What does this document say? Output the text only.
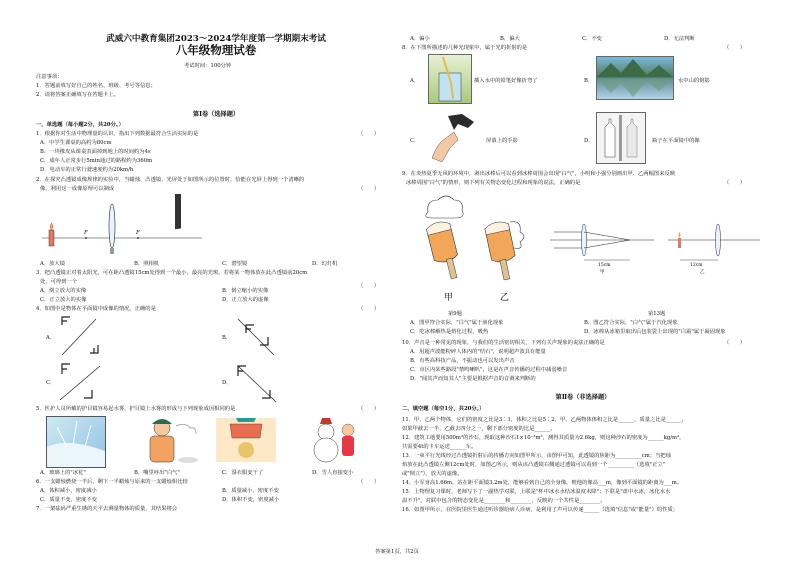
武威六中教育集团2023～2024学年度第一学期期末考试
八年级物理试卷
考试时间：100分钟
注意事项：
1．答题前填写好自己的姓名、班级、考号等信息；
2．请将答案正确填写在答题卡上。
第Ⅰ卷（选择题）
一、单选题（每小题2分，共20分。）
1．根据你对生活中物理量的认识，指出下列数据最符合生活实际的是	（　　）
A．中学生课桌的高约为80cm
B．一块橡皮从课桌表面掉到地上的时间约为4s
C．成年人正常步行5min通过的路程约为360m
D．电动车的正常行驶速度约为20km/h
2．在探究凸透镜成像规律的实验中，当蜡烛、凸透镜、光屏处于如图所示的位置时，恰能在光屏上得到一个清晰的
像，利用这一成像原理可以制成	（　　）
F	F
A．放大镜	B．照相机	C．潜望镜	D．幻灯机
3．把凸透镜正对着太阳光，可在距凸透镜15cm处得到一个最小、最亮的光斑。若将某一物体放在此凸透镜前20cm
处，可得到一个
（　　）
A．倒立放大的实像	B．倒立缩小的实像
C．正立放大的实像	D．正立放大的虚像
4．如图中是物体在平面镜中成像的情况，正确的是	（　　）
A．	B．
C．	D．
5．医护人员所戴的护目镜容易起水雾，护目镜上水雾的形成与下列现象成因相同的是	（　　）
A．玻璃上的"冰花"	B．嘴里呼出"白气"	C．湿衣服变干了	D．雪人直接变小
6．一支蜡烛燃烧一半后，剩下一半蜡烛与原来的一支蜡烛相比较	（　　）
A．体积减小，密度减小	B．质量减小，密度不变
C．质量不变，密度不变	D．体积不变，密度减小
7．一架砝码严重生锈的天平去测量物体的质量，其结果将会
A．偏小	B．偏大	C．不变	D．无法判断
8．在下图所描述的几种光现象中，属于光的折射的是	（　　）
A．	插入水中的铅笔好像折弯了	B．	水中山的倒影
C．	屏幕上的手影	D．	瓶子在平面镜中的像
9．在炎热夏季无风的环境中，剥出冰棒后可以看到冰棒周围会出现"白气"，小明和小强分别画出甲、乙两幅图来反映
冰棒周围"白气"的情形，则下列有关物态变化过程和现象的说法，正确的是	（　　）
甲	乙
第9题
15cm	12cm
甲	乙
第13题
A．图甲符合实际，"白气"属于液化现象	B．图乙符合实际，"白气"属于汽化现象
C．吃冰棒解热是熔化过程，吸热	D．冰棒从冰箱里取出后包装袋上出现的"白霜"属于凝固现象
10．声音是一种常见的现象，与我们的生活密切相关，下列有关声现象的说法正确的是	（　　）
A．用超声波能粉碎人体内的"结石"，说明超声波具有能量
B．有些高科技产品，不振动也可以发出声音
C．市区内某些路段"禁鸣喇叭"，这是在声音传播的过程中减弱噪音
D．"闻其声而知其人"主要是根据声音的音调来判断的
第Ⅱ卷（非选择题）
二、填空题（每空1分，共20分。）
11．甲、乙两个物体，它们的密度之比是3∶1，体积之比是5∶2，甲、乙两物体体积之比是______，质量之比是______，
如果甲截去一半，乙截去四分之一，剩下部分密度的比是______。
12．建筑工地要用500m³的沙石，现取这种沙石1×10⁻³m³，测得其质量为2.6kg，则这种沙石的密度为______kg/m³，
共需要4t的卡车运送______车。
13．一束平行光线经过凸透镜折射后的传播方向如图甲所示，由图甲可知，此透镜的焦距为__________cm；当把烛
焰放在此凸透镜左侧12cm处时，如图乙所示，则从该凸透镜右侧通过透镜可以看到一个__________（选填"正立"
或"倒立"）、放大的虚像。
14．小军身高1.66m，站在距平面镜3.2m处，能够看到自己的全身像，则他的像高___m，像到平面镜的距离为___m。
15．上物理复习课时，老师写下了一副热学对联，上联是"杯中冰水水结冰温度未降"；下联是"盘中水冰，冰化水水
温不升"，对联中包含的物态变化是________和________，反映的一个共性是________。
16．如图甲所示，在医院里医生通过听诊器给病人诊病，是利用了声可以传递______（选填"信息"或"能量"）的性质；
答案第1页，共2页
